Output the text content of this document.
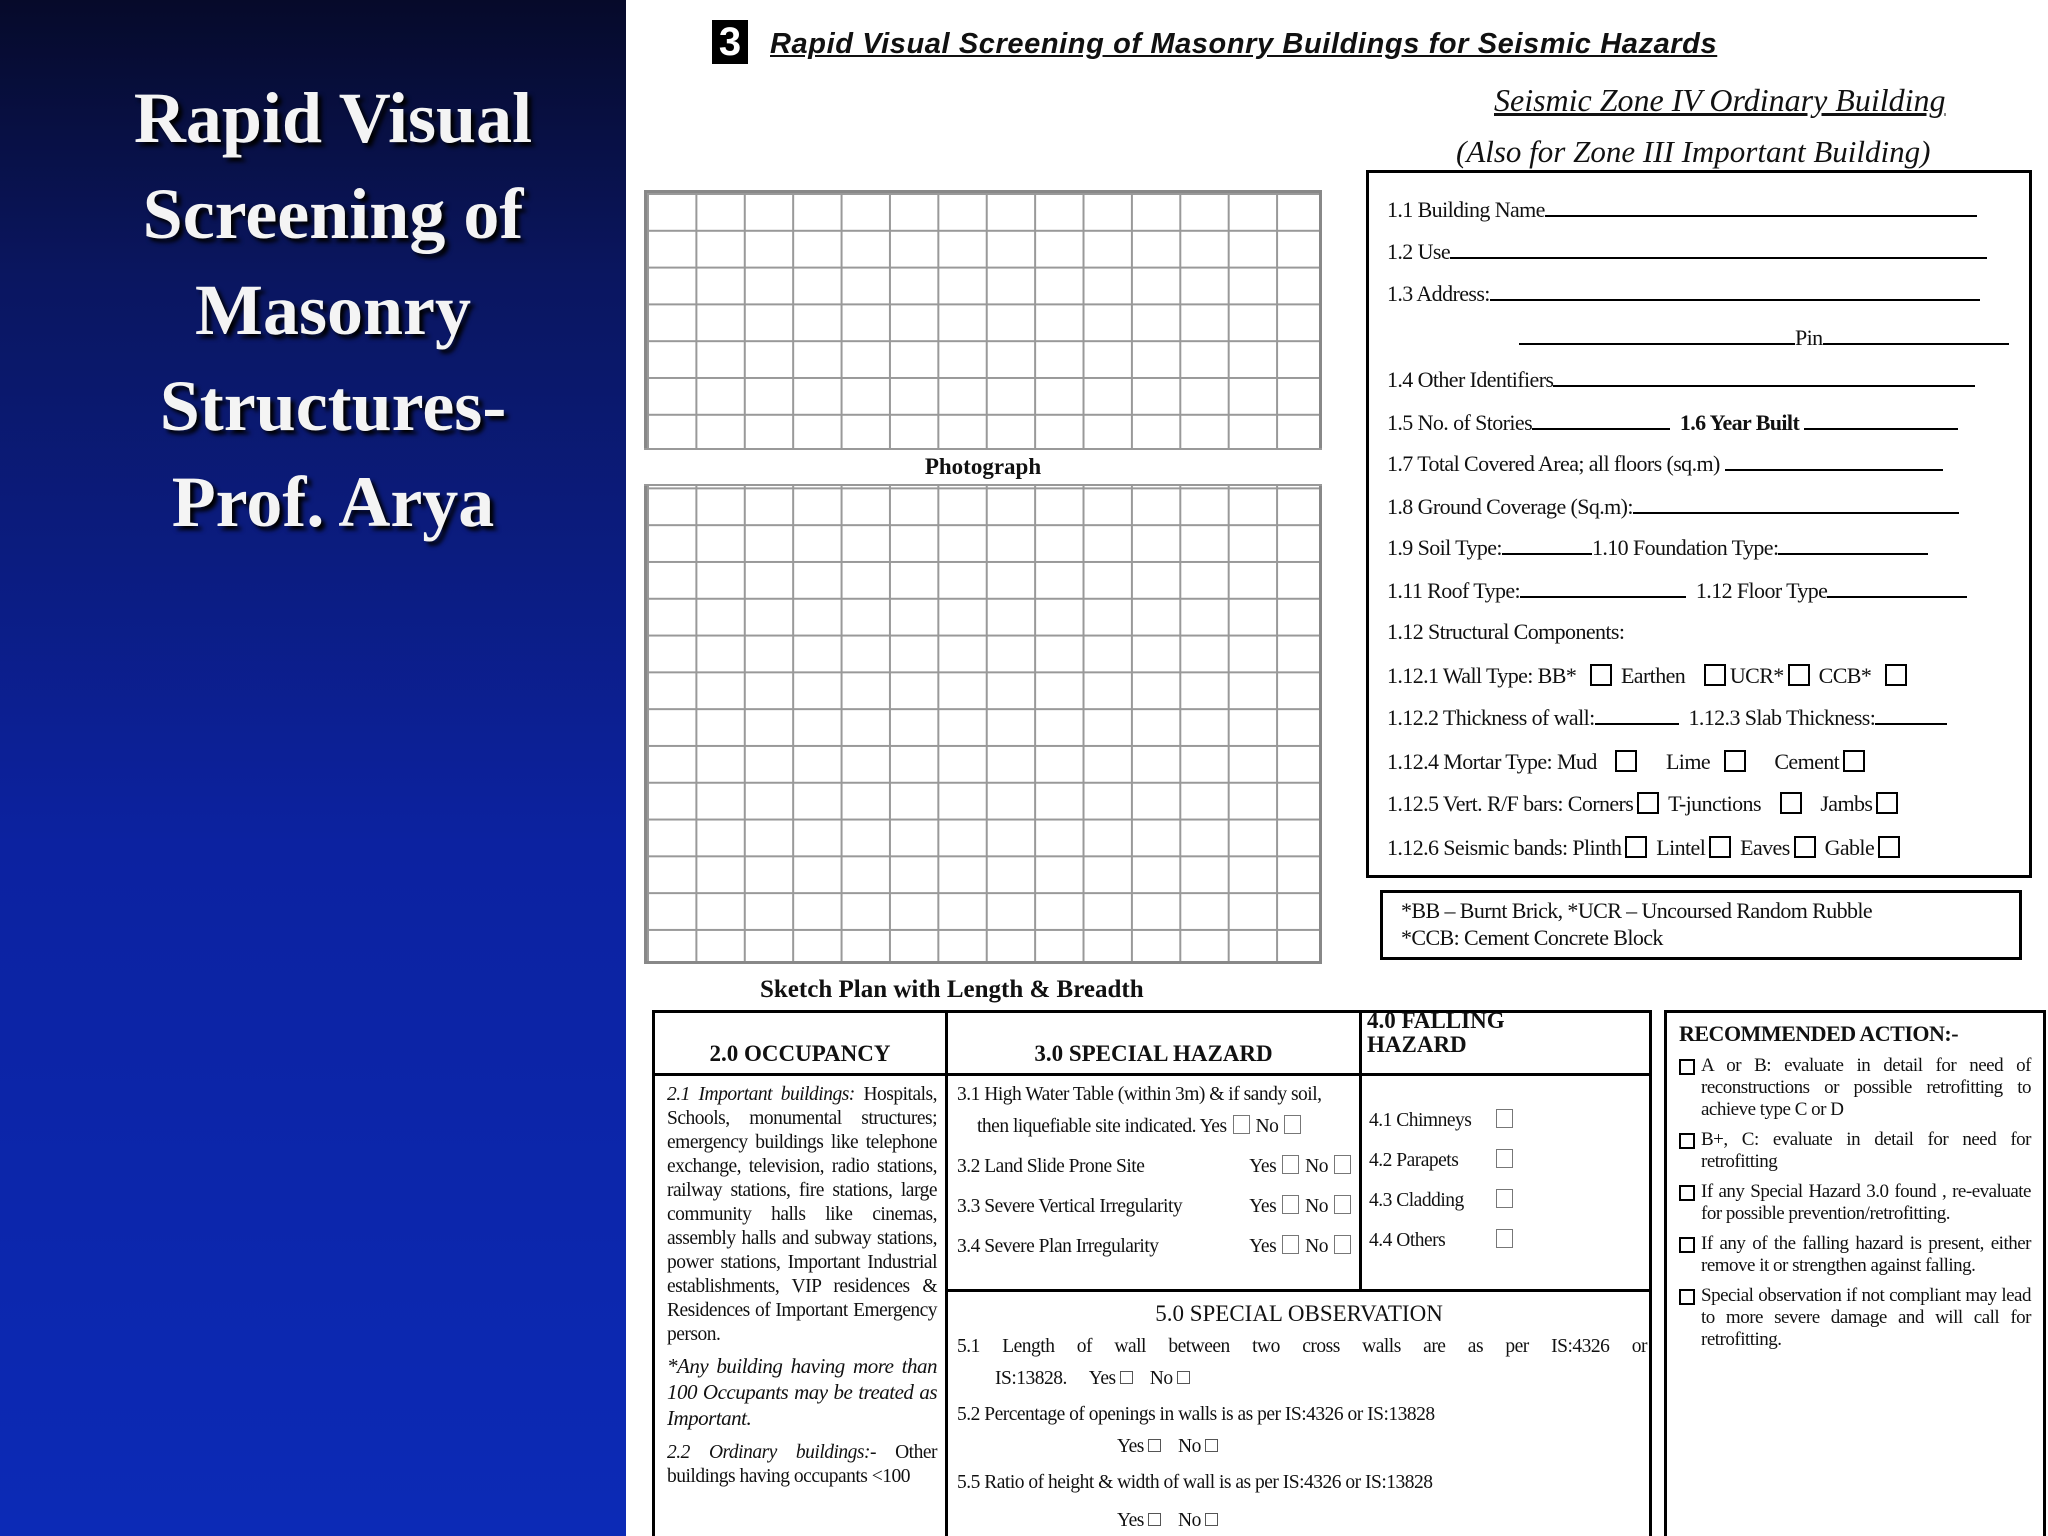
Rapid Visual
Screening of
Masonry
Structures-
Prof. Arya
3 Rapid Visual Screening of Masonry Buildings for Seismic Hazards
Seismic Zone IV Ordinary Building
(Also for Zone III Important Building)
Photograph
Sketch Plan with Length & Breadth
1.1 Building Name
1.2 Use
1.3 Address:
Pin
1.4 Other Identifiers
1.5 No. of Stories	1.6 Year Built
1.7 Total Covered Area; all floors (sq.m)
1.8 Ground Coverage (Sq.m):
1.9 Soil Type:	1.10 Foundation Type:
1.11 Roof Type:	1.12 Floor Type
1.12 Structural Components:
1.12.1 Wall Type: BB* Earthen UCR* CCB*
1.12.2 Thickness of wall:	1.12.3 Slab Thickness:
1.12.4 Mortar Type: Mud	Lime	Cement
1.12.5 Vert. R/F bars: Corners T-junctions	Jambs
1.12.6 Seismic bands: Plinth Lintel Eaves Gable
*BB – Burnt Brick, *UCR – Uncoursed Random Rubble
*CCB: Cement Concrete Block
2.0 OCCUPANCY	3.0 SPECIAL HAZARD
4.0 FALLING HAZARD
2.1 Important buildings: Hospitals, Schools, monumental structures; emergency buildings like telephone exchange, television, radio stations, railway stations, fire stations, large community halls like cinemas, assembly halls and subway stations, power stations, Important Industrial establishments, VIP residences & Residences of Important Emergency person.
*Any building having more than 100 Occupants may be treated as Important.
2.2 Ordinary buildings:- Other buildings having occupants <100
3.1 High Water Table (within 3m) & if sandy soil,
then liquefiable site indicated. Yes No
3.2 Land Slide Prone Site	Yes No
3.3 Severe Vertical Irregularity	Yes No
3.4 Severe Plan Irregularity	Yes No
4.1 Chimneys
4.2 Parapets
4.3 Cladding
4.4 Others
5.0 SPECIAL OBSERVATION
5.1 Length of wall between two cross walls are as per IS:4326 or
IS:13828. Yes No
5.2 Percentage of openings in walls is as per IS:4326 or IS:13828
Yes No
5.5 Ratio of height & width of wall is as per IS:4326 or IS:13828
Yes No
RECOMMENDED ACTION:-
A or B: evaluate in detail for need of reconstructions or possible retrofitting to achieve type C or D
B+, C: evaluate in detail for need for retrofitting
If any Special Hazard 3.0 found , re-evaluate for possible prevention/retrofitting.
If any of the falling hazard is present, either remove it or strengthen against falling.
Special observation if not compliant may lead to more severe damage and will call for retrofitting.
